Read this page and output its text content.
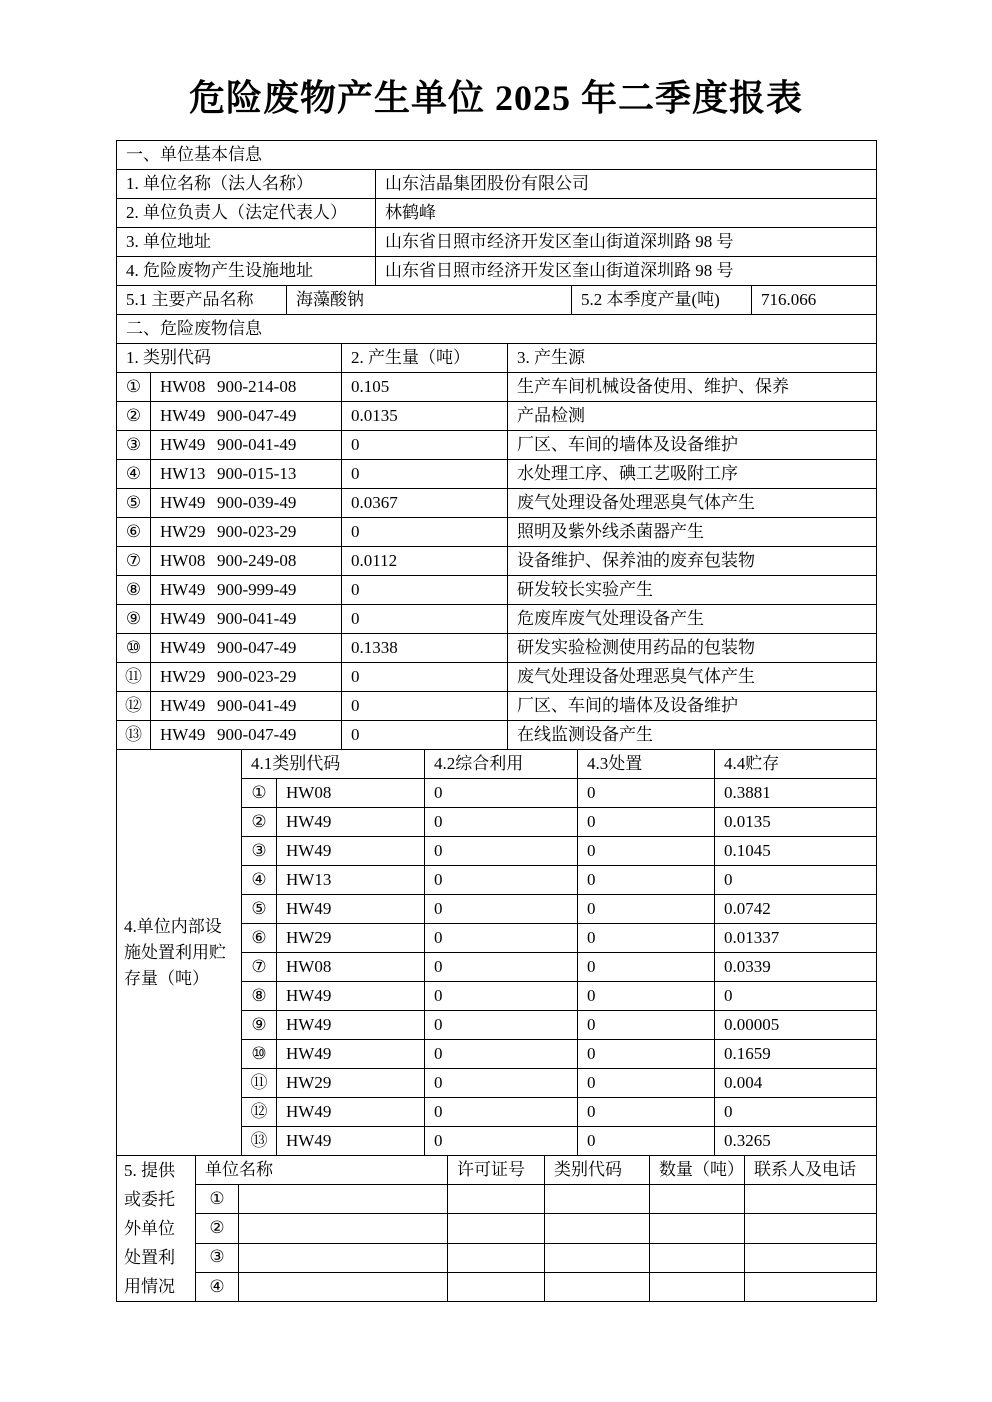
危险废物产生单位 2025 年二季度报表
一、单位基本信息	
1. 单位名称（法人名称）	山东洁晶集团股份有限公司
2. 单位负责人（法定代表人）	林鹤峰
3. 单位地址	山东省日照市经济开发区奎山街道深圳路 98 号
4. 危险废物产生设施地址	山东省日照市经济开发区奎山街道深圳路 98 号
5.1 主要产品名称	海藻酸钠	5.2 本季度产量(吨)	716.066
二、危险废物信息
1. 类别代码		2. 产生量（吨）	3. 产生源
①	HW08 900-214-08	0.105	生产车间机械设备使用、维护、保养
②	HW49 900-047-49	0.0135	产品检测
③	HW49 900-041-49	0	厂区、车间的墙体及设备维护
④	HW13 900-015-13	0	水处理工序、碘工艺吸附工序
⑤	HW49 900-039-49	0.0367	废气处理设备处理恶臭气体产生
⑥	HW29 900-023-29	0	照明及紫外线杀菌器产生
⑦	HW08 900-249-08	0.0112	设备维护、保养油的废弃包装物
⑧	HW49 900-999-49	0	研发较长实验产生
⑨	HW49 900-041-49	0	危废库废气处理设备产生
⑩	HW49 900-047-49	0.1338	研发实验检测使用药品的包装物
⑪	HW29 900-023-29	0	废气处理设备处理恶臭气体产生
⑫	HW49 900-041-49	0	厂区、车间的墙体及设备维护
⑬	HW49 900-047-49	0	在线监测设备产生
4.单位内部设施处置利用贮存量（吨）	4.1类别代码		4.2综合利用	4.3处置	4.4贮存
	①	HW08	0	0	0.3881
	②	HW49	0	0	0.0135
	③	HW49	0	0	0.1045
	④	HW13	0	0	0
	⑤	HW49	0	0	0.0742
	⑥	HW29	0	0	0.01337
	⑦	HW08	0	0	0.0339
	⑧	HW49	0	0	0
	⑨	HW49	0	0	0.00005
	⑩	HW49	0	0	0.1659
	⑪	HW29	0	0	0.004
	⑫	HW49	0	0	0
	⑬	HW49	0	0	0.3265
5. 提供或委托外单位处置利用情况	单位名称		许可证号	类别代码	数量（吨）	联系人及电话
	①					
	②					
	③					
	④					
